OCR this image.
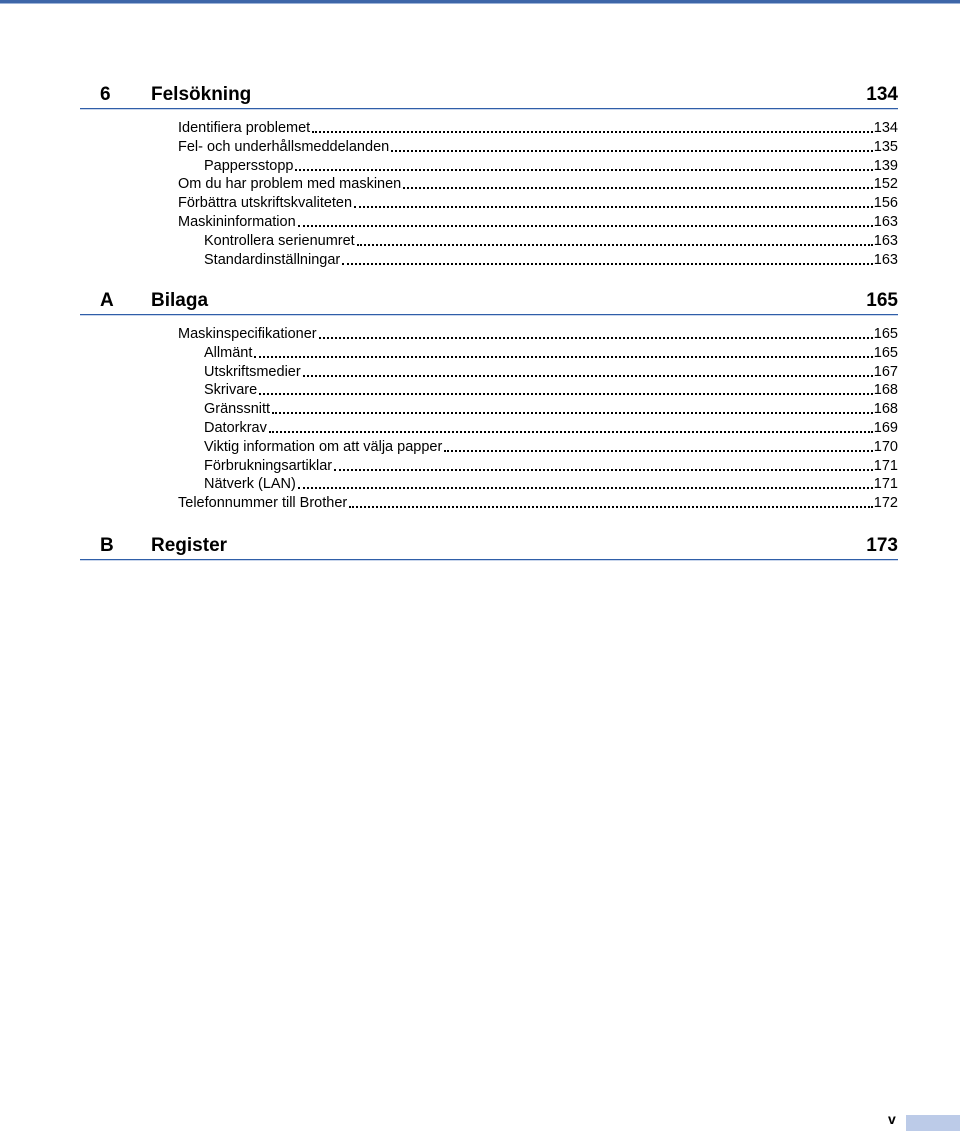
6 Felsökning	134
Identifiera problemet	134
Fel- och underhållsmeddelanden	135
Pappersstopp	139
Om du har problem med maskinen	152
Förbättra utskriftskvaliteten	156
Maskininformation	163
Kontrollera serienumret	163
Standardinställningar	163
A Bilaga	165
Maskinspecifikationer	165
Allmänt	165
Utskriftsmedier	167
Skrivare	168
Gränssnitt	168
Datorkrav	169
Viktig information om att välja papper	170
Förbrukningsartiklar	171
Nätverk (LAN)	171
Telefonnummer till Brother	172
B Register	173
v
